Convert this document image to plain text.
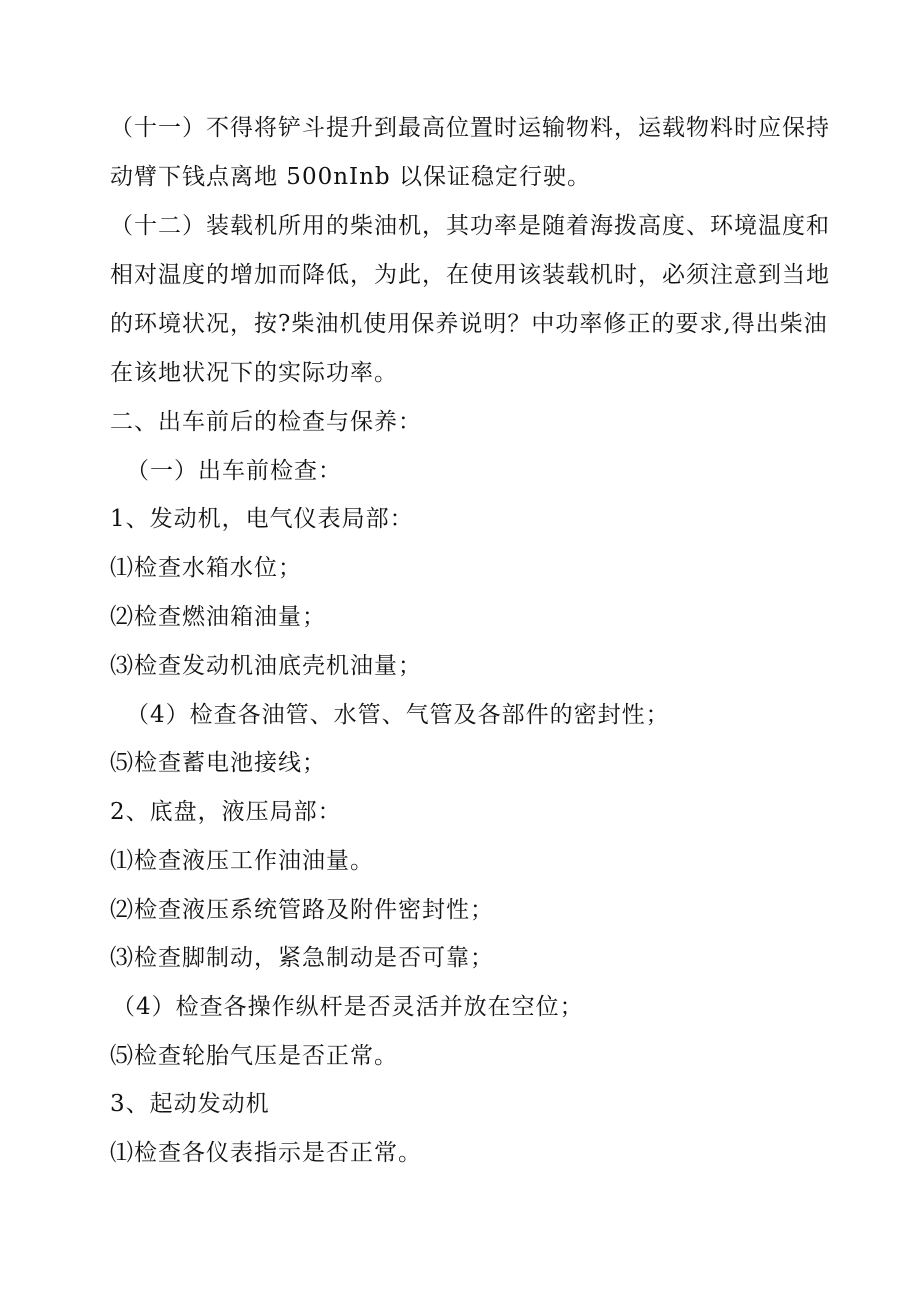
（十一）不得将铲斗提升到最高位置时运输物料，运载物料时应保持
动臂下钱点离地 500nInb 以保证稳定行驶。
（十二）装载机所用的柴油机，其功率是随着海拨高度、环境温度和
相对温度的增加而降低，为此，在使用该装载机时，必须注意到当地
的环境状况，按?柴油机使用保养说明？中功率修正的要求,得出柴油
在该地状况下的实际功率。
二、出车前后的检查与保养：
（一）出车前检查：
1、发动机，电气仪表局部：
⑴检查水箱水位；
⑵检查燃油箱油量；
⑶检查发动机油底壳机油量；
（4）检查各油管、水管、气管及各部件的密封性；
⑸检查蓄电池接线；
2、底盘，液压局部：
⑴检查液压工作油油量。
⑵检查液压系统管路及附件密封性；
⑶检查脚制动，紧急制动是否可靠；
（4）检查各操作纵杆是否灵活并放在空位；
⑸检查轮胎气压是否正常。
3、起动发动机
⑴检查各仪表指示是否正常。
